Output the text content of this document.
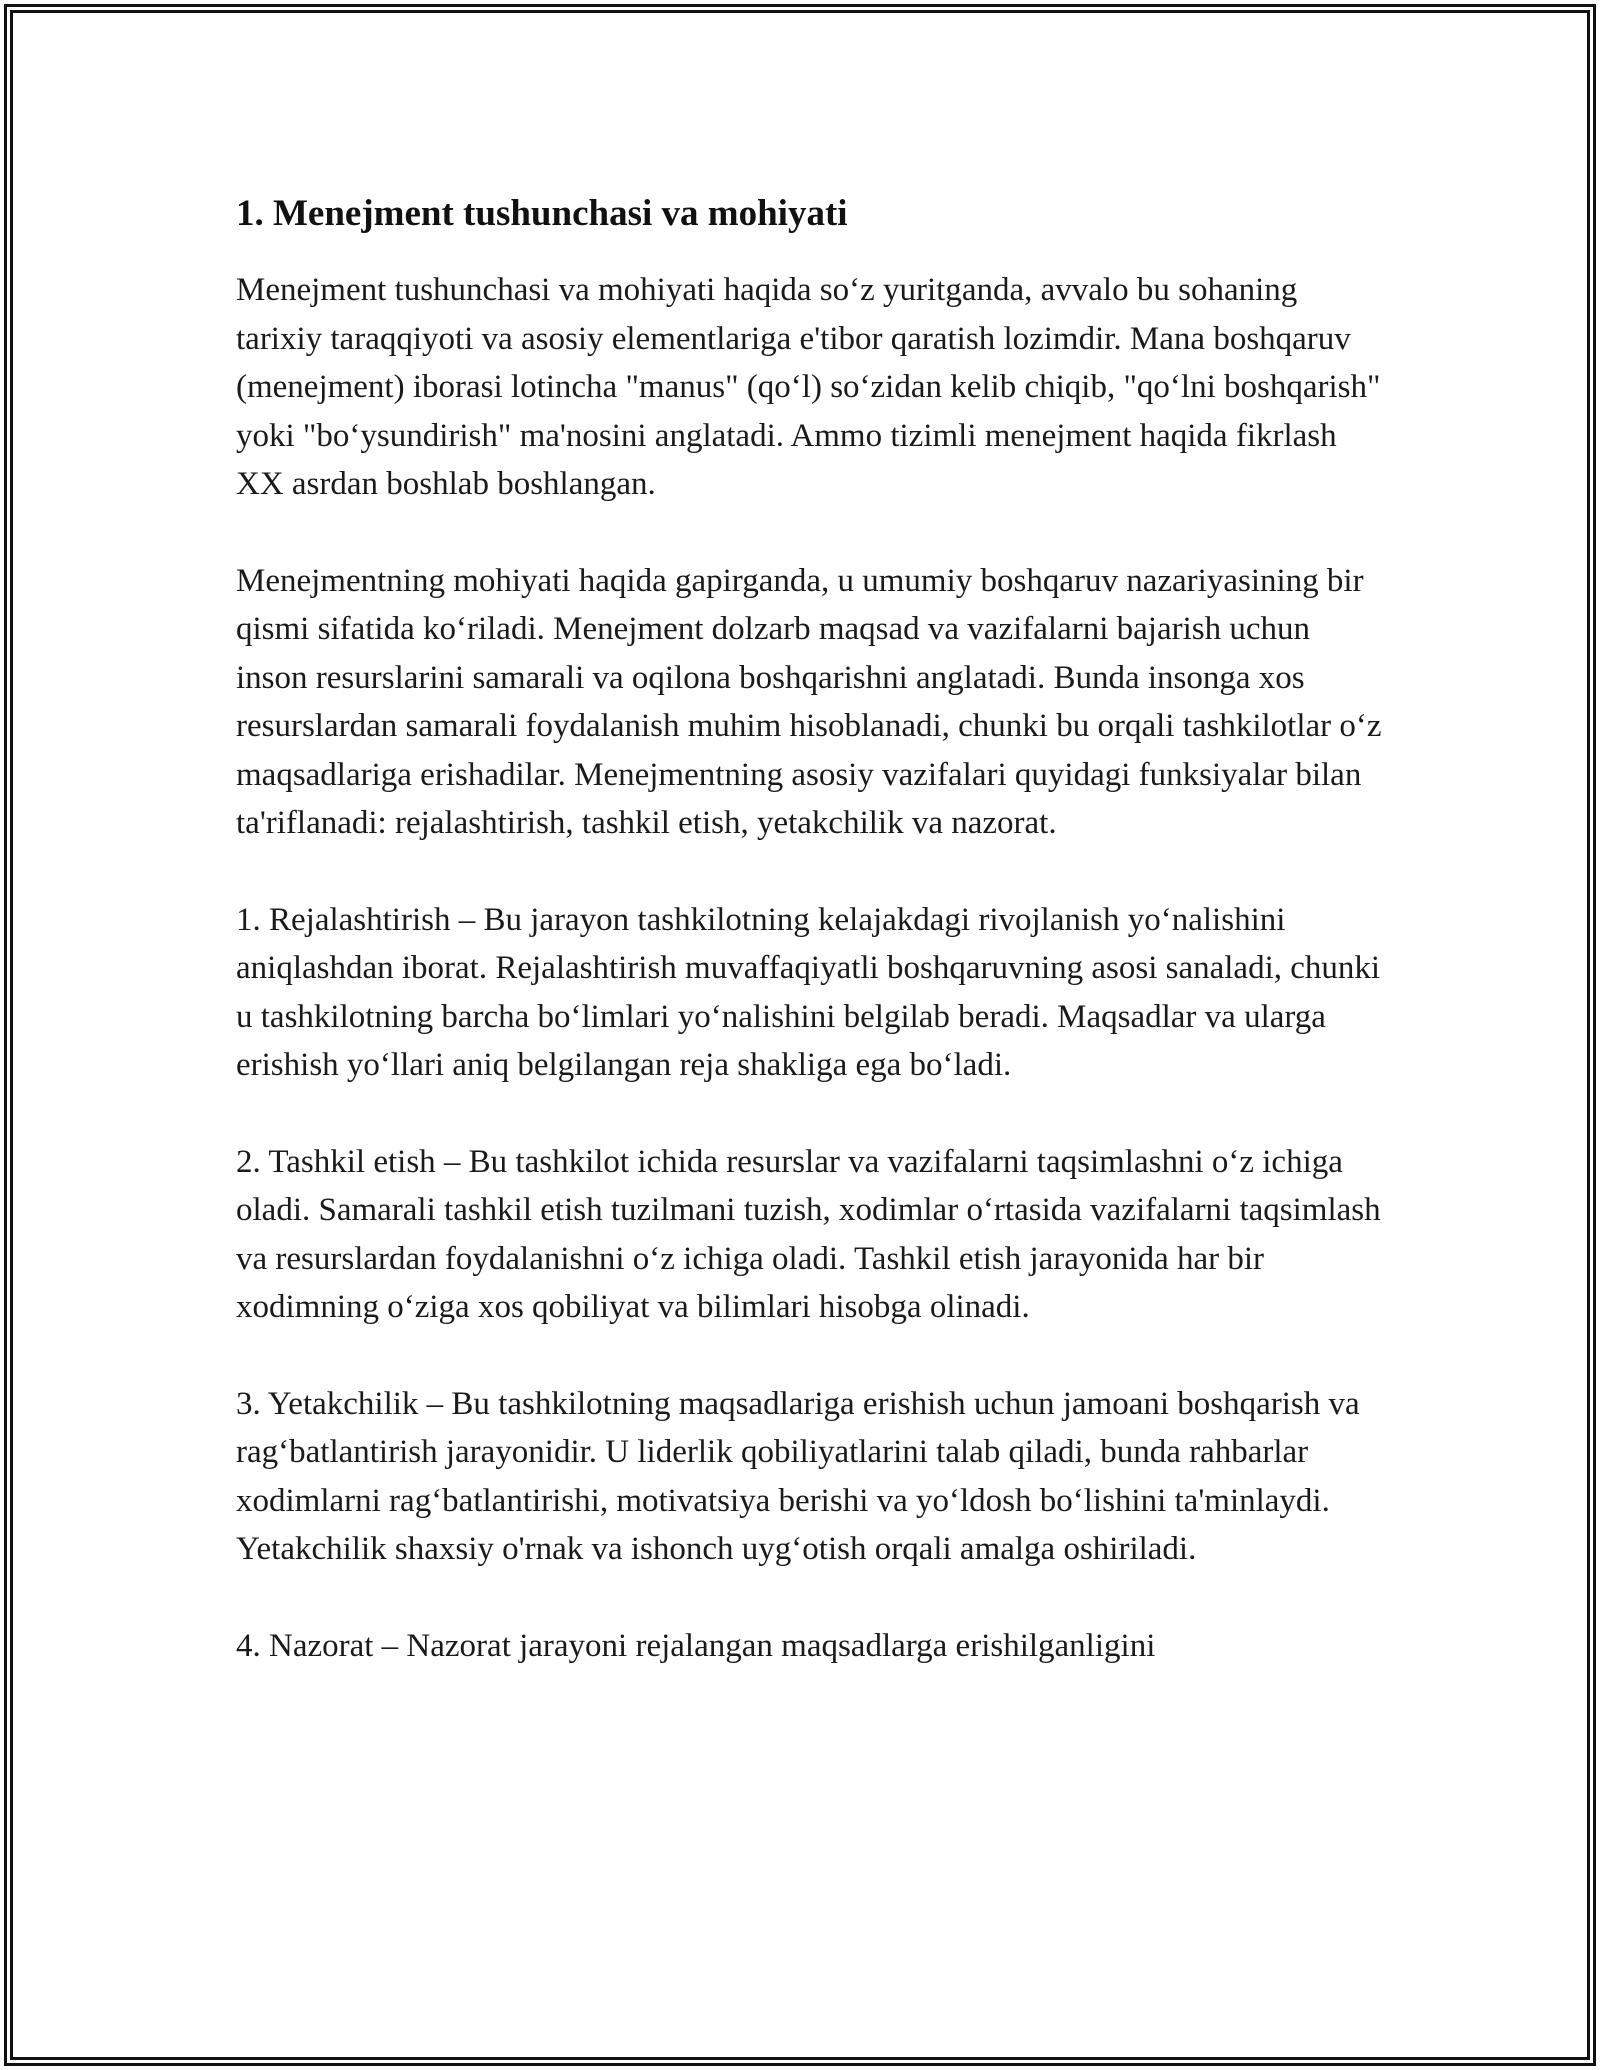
1. Menejment tushunchasi va mohiyati

Menejment tushunchasi va mohiyati haqida so‘z yuritganda, avvalo bu sohaning tarixiy taraqqiyoti va asosiy elementlariga e'tibor qaratish lozimdir. Mana boshqaruv (menejment) iborasi lotincha "manus" (qo‘l) so‘zidan kelib chiqib, "qo‘lni boshqarish" yoki "bo‘ysundirish" ma'nosini anglatadi. Ammo tizimli menejment haqida fikrlash XX asrdan boshlab boshlangan.

Menejmentning mohiyati haqida gapirganda, u umumiy boshqaruv nazariyasining bir qismi sifatida ko‘riladi. Menejment dolzarb maqsad va vazifalarni bajarish uchun inson resurslarini samarali va oqilona boshqarishni anglatadi. Bunda insonga xos resurslardan samarali foydalanish muhim hisoblanadi, chunki bu orqali tashkilotlar o‘z maqsadlariga erishadilar. Menejmentning asosiy vazifalari quyidagi funksiyalar bilan ta'riflanadi: rejalashtirish, tashkil etish, yetakchilik va nazorat.

1. Rejalashtirish – Bu jarayon tashkilotning kelajakdagi rivojlanish yo‘nalishini aniqlashdan iborat. Rejalashtirish muvaffaqiyatli boshqaruvning asosi sanaladi, chunki u tashkilotning barcha bo‘limlari yo‘nalishini belgilab beradi. Maqsadlar va ularga erishish yo‘llari aniq belgilangan reja shakliga ega bo‘ladi.

2. Tashkil etish – Bu tashkilot ichida resurslar va vazifalarni taqsimlashni o‘z ichiga oladi. Samarali tashkil etish tuzilmani tuzish, xodimlar o‘rtasida vazifalarni taqsimlash va resurslardan foydalanishni o‘z ichiga oladi. Tashkil etish jarayonida har bir xodimning o‘ziga xos qobiliyat va bilimlari hisobga olinadi.

3. Yetakchilik – Bu tashkilotning maqsadlariga erishish uchun jamoani boshqarish va rag‘batlantirish jarayonidir. U liderlik qobiliyatlarini talab qiladi, bunda rahbarlar xodimlarni rag‘batlantirishi, motivatsiya berishi va yo‘ldosh bo‘lishini ta'minlaydi. Yetakchilik shaxsiy o'rnak va ishonch uyg‘otish orqali amalga oshiriladi.

4. Nazorat – Nazorat jarayoni rejalangan maqsadlarga erishilganligini
